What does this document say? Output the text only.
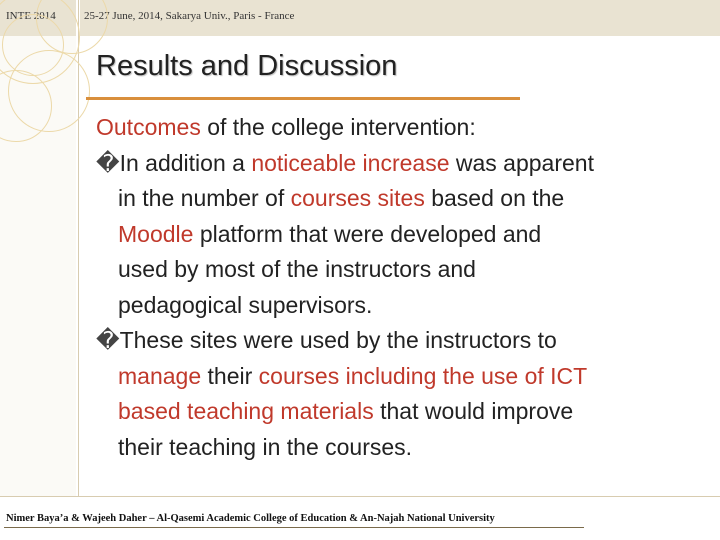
INTE 2014	25-27 June, 2014, Sakarya Univ., Paris - France
Results and Discussion
Outcomes of the college intervention:
�In addition a noticeable increase was apparent
in the number of courses sites based on the
Moodle platform that were developed and
used by most of the instructors and
pedagogical supervisors.
�These sites were used by the instructors to
manage their courses including the use of ICT
based teaching materials that would improve
their teaching in the courses.
Nimer Baya’a & Wajeeh Daher – Al-Qasemi Academic College of Education & An-Najah National University
